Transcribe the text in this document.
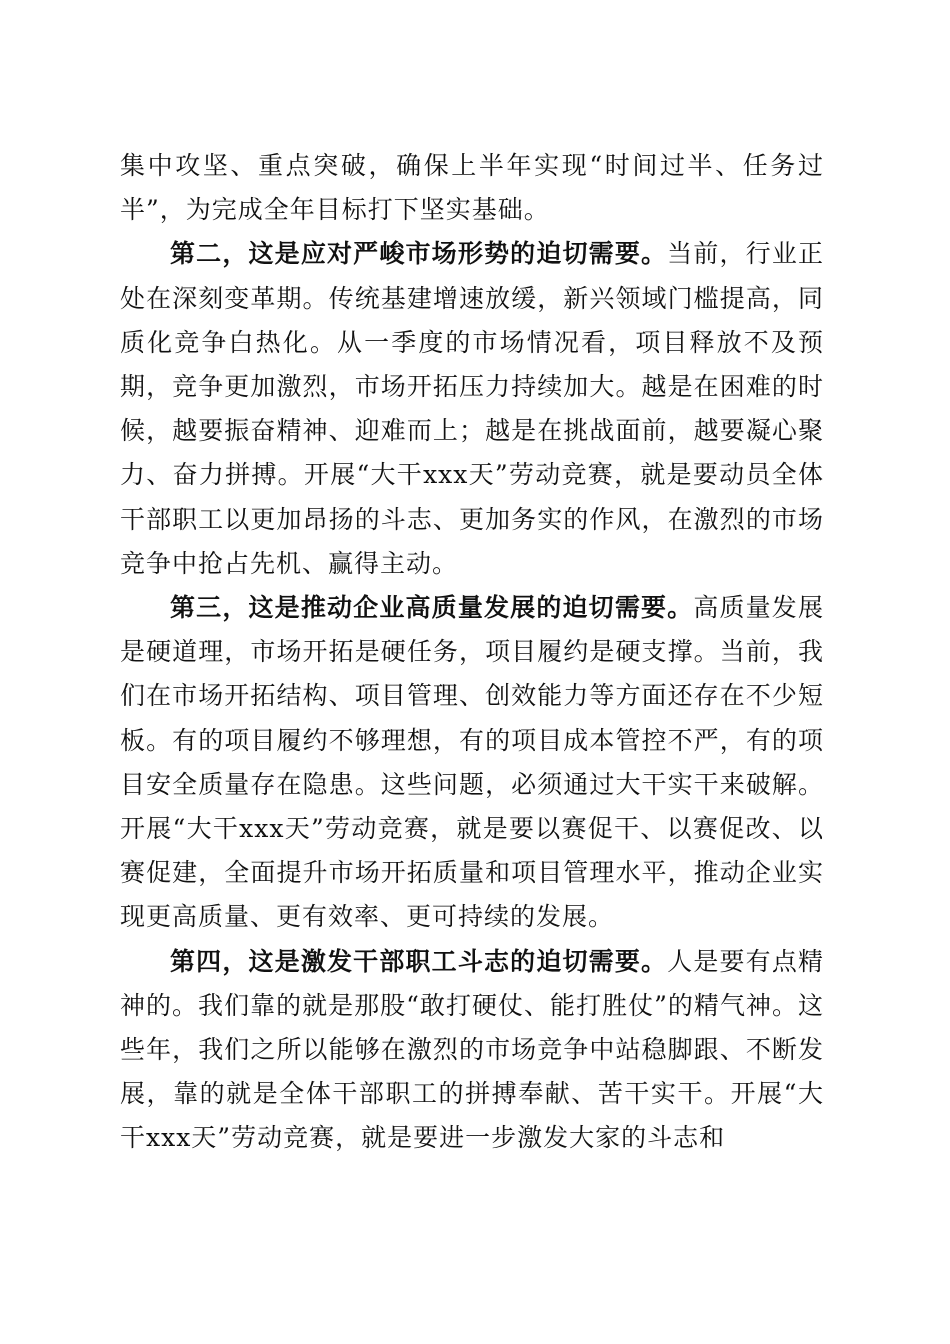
集中攻坚、重点突破，确保上半年实现“时间过半、任务过半”，为完成全年目标打下坚实基础。

第二，这是应对严峻市场形势的迫切需要。当前，行业正处在深刻变革期。传统基建增速放缓，新兴领域门槛提高，同质化竞争白热化。从一季度的市场情况看，项目释放不及预期，竞争更加激烈，市场开拓压力持续加大。越是在困难的时候，越要振奋精神、迎难而上；越是在挑战面前，越要凝心聚力、奋力拼搏。开展“大干xxx天”劳动竞赛，就是要动员全体干部职工以更加昂扬的斗志、更加务实的作风，在激烈的市场竞争中抢占先机、赢得主动。

第三，这是推动企业高质量发展的迫切需要。高质量发展是硬道理，市场开拓是硬任务，项目履约是硬支撑。当前，我们在市场开拓结构、项目管理、创效能力等方面还存在不少短板。有的项目履约不够理想，有的项目成本管控不严，有的项目安全质量存在隐患。这些问题，必须通过大干实干来破解。开展“大干xxx天”劳动竞赛，就是要以赛促干、以赛促改、以赛促建，全面提升市场开拓质量和项目管理水平，推动企业实现更高质量、更有效率、更可持续的发展。

第四，这是激发干部职工斗志的迫切需要。人是要有点精神的。我们靠的就是那股“敢打硬仗、能打胜仗”的精气神。这些年，我们之所以能够在激烈的市场竞争中站稳脚跟、不断发展，靠的就是全体干部职工的拼搏奉献、苦干实干。开展“大干xxx天”劳动竞赛，就是要进一步激发大家的斗志和
